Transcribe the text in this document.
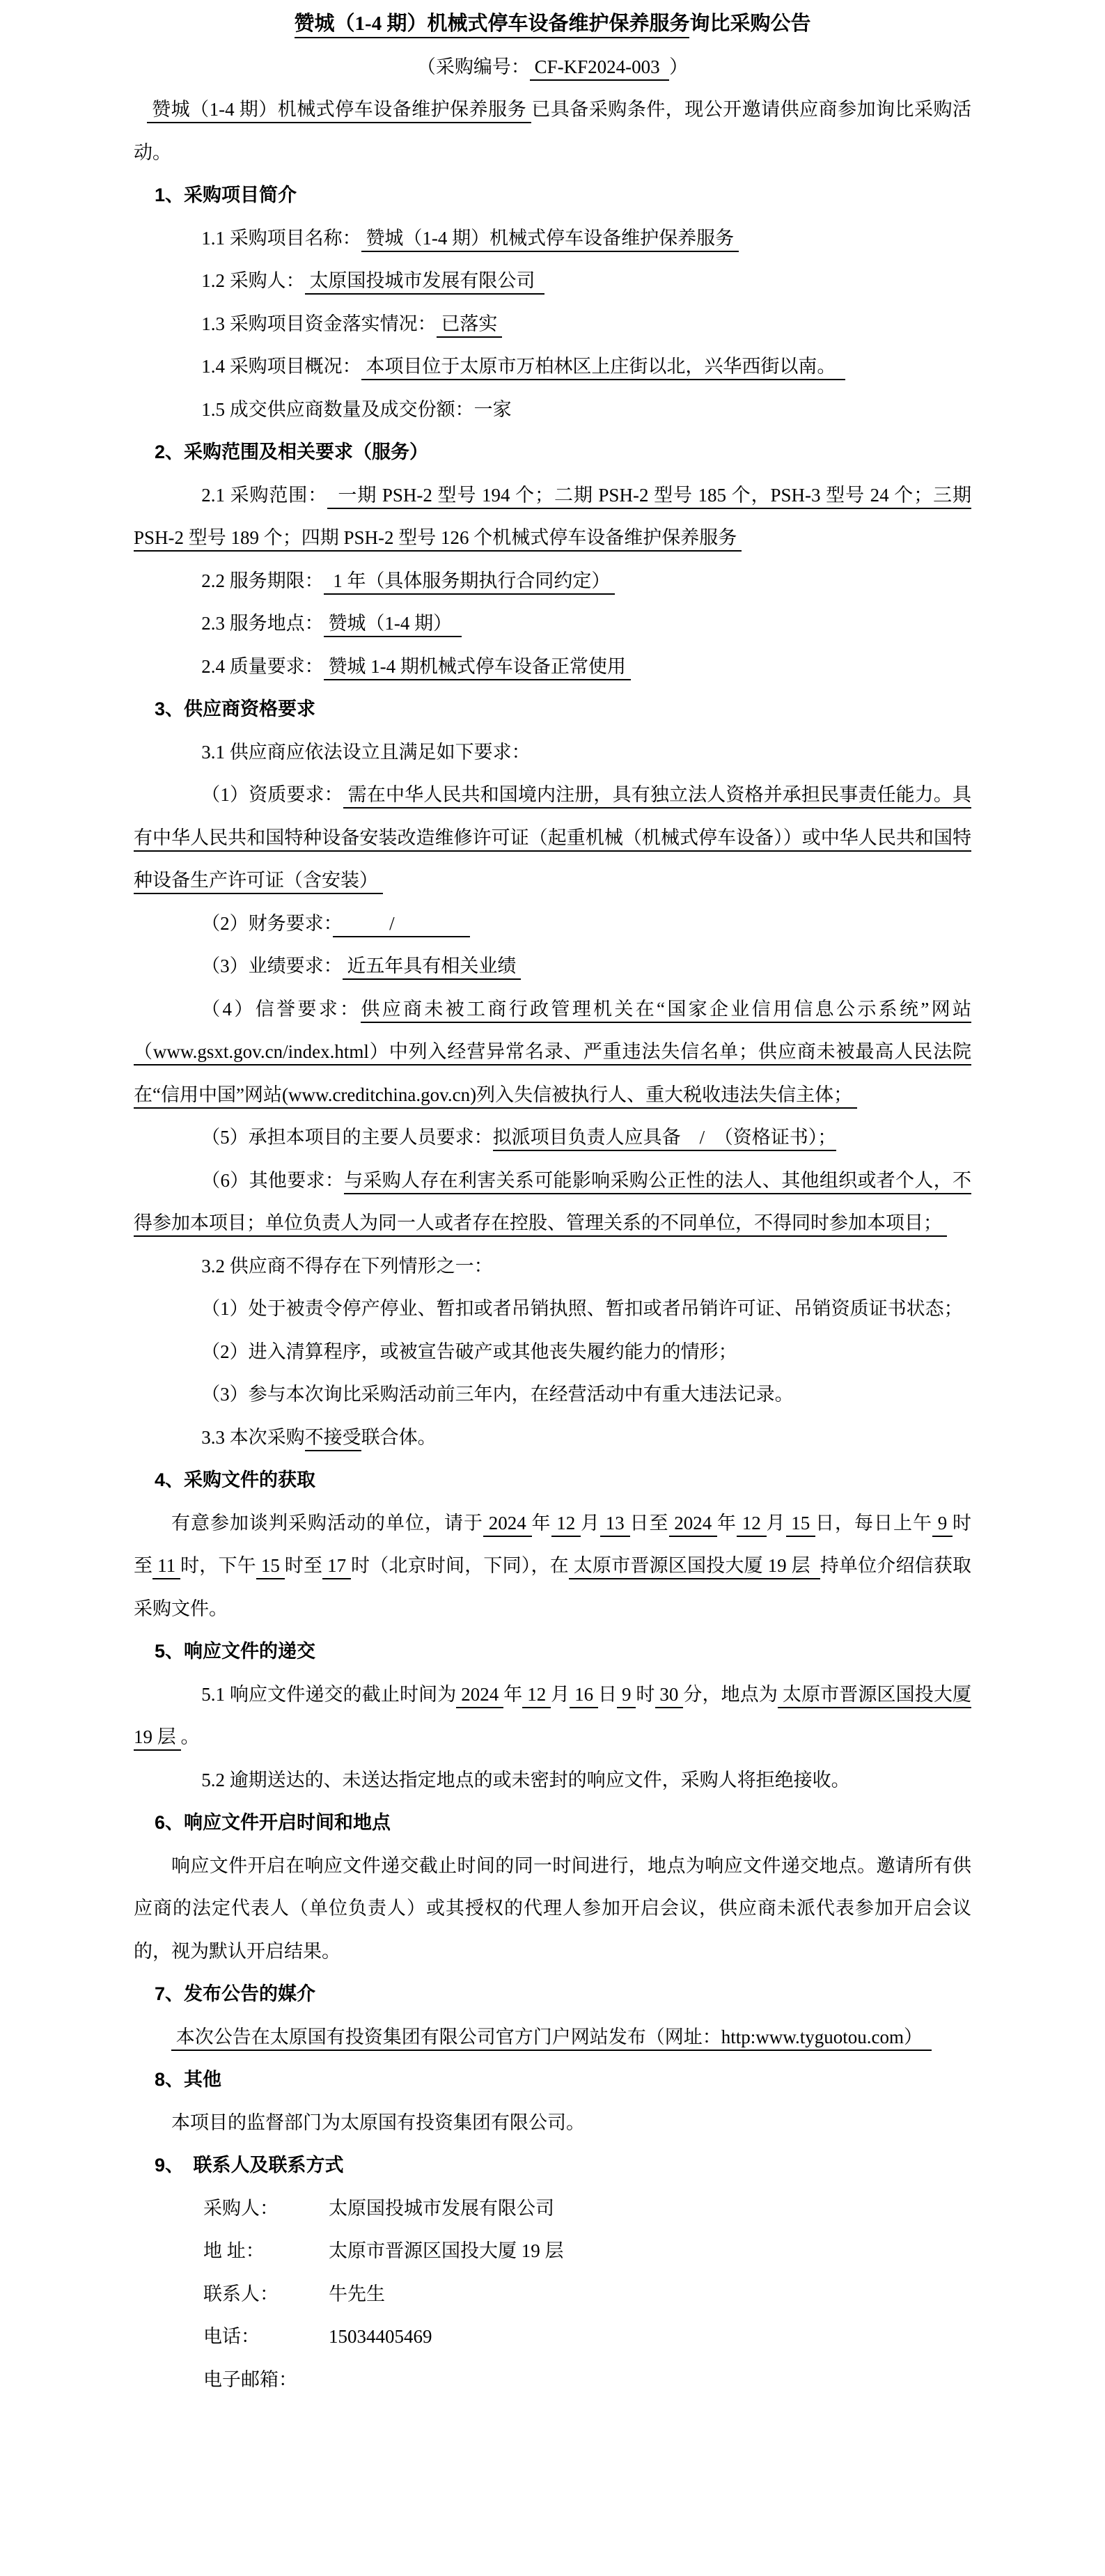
赞城（1-4 期）机械式停车设备维护保养服务询比采购公告

（采购编号： CF-KF2024-003  ）

赞城（1-4 期）机械式停车设备维护保养服务 已具备采购条件，现公开邀请供应商参加询比采购活动。

1、采购项目简介

1.1 采购项目名称： 赞城（1-4 期）机械式停车设备维护保养服务

1.2 采购人： 太原国投城市发展有限公司

1.3 采购项目资金落实情况： 已落实

1.4 采购项目概况： 本项目位于太原市万柏林区上庄街以北，兴华西街以南。

1.5 成交供应商数量及成交份额：一家

2、采购范围及相关要求（服务）

2.1 采购范围：  一期 PSH-2 型号 194 个；二期 PSH-2 型号 185 个，PSH-3 型号 24 个；三期 PSH-2 型号 189 个；四期 PSH-2 型号 126 个机械式停车设备维护保养服务

2.2 服务期限：  1 年（具体服务期执行合同约定）

2.3 服务地点： 赞城（1-4 期）

2.4 质量要求： 赞城 1-4 期机械式停车设备正常使用

3、供应商资格要求

3.1 供应商应依法设立且满足如下要求：

（1）资质要求： 需在中华人民共和国境内注册，具有独立法人资格并承担民事责任能力。具有中华人民共和国特种设备安装改造维修许可证（起重机械（机械式停车设备））或中华人民共和国特种设备生产许可证（含安装）

（2）财务要求：　　　/　　　　

（3）业绩要求： 近五年具有相关业绩

（4）信誉要求：供应商未被工商行政管理机关在“国家企业信用信息公示系统”网站（www.gsxt.gov.cn/index.html）中列入经营异常名录、严重违法失信名单；供应商未被最高人民法院在“信用中国”网站(www.creditchina.gov.cn)列入失信被执行人、重大税收违法失信主体；

（5）承担本项目的主要人员要求：拟派项目负责人应具备　/　（资格证书）；

（6）其他要求：与采购人存在利害关系可能影响采购公正性的法人、其他组织或者个人，不得参加本项目；单位负责人为同一人或者存在控股、管理关系的不同单位，不得同时参加本项目；

3.2 供应商不得存在下列情形之一：

（1）处于被责令停产停业、暂扣或者吊销执照、暂扣或者吊销许可证、吊销资质证书状态；

（2）进入清算程序，或被宣告破产或其他丧失履约能力的情形；

（3）参与本次询比采购活动前三年内，在经营活动中有重大违法记录。

3.3 本次采购不接受联合体。

4、采购文件的获取

有意参加谈判采购活动的单位，请于 2024 年 12 月 13 日至 2024 年 12 月 15 日，每日上午 9 时至 11 时，下午 15 时至 17 时（北京时间，下同），在 太原市晋源区国投大厦 19 层  持单位介绍信获取采购文件。

5、响应文件的递交

5.1 响应文件递交的截止时间为 2024 年 12 月 16 日 9 时 30 分，地点为 太原市晋源区国投大厦 19 层 。

5.2 逾期送达的、未送达指定地点的或未密封的响应文件，采购人将拒绝接收。

6、响应文件开启时间和地点

响应文件开启在响应文件递交截止时间的同一时间进行，地点为响应文件递交地点。邀请所有供应商的法定代表人（单位负责人）或其授权的代理人参加开启会议，供应商未派代表参加开启会议的，视为默认开启结果。

7、发布公告的媒介

本次公告在太原国有投资集团有限公司官方门户网站发布（网址：http:www.tyguotou.com）

8、其他

本项目的监督部门为太原国有投资集团有限公司。

9、　联系人及联系方式

采购人：	太原国投城市发展有限公司

地 址：	太原市晋源区国投大厦 19 层

联系人：	牛先生

电话：	15034405469

电子邮箱：
